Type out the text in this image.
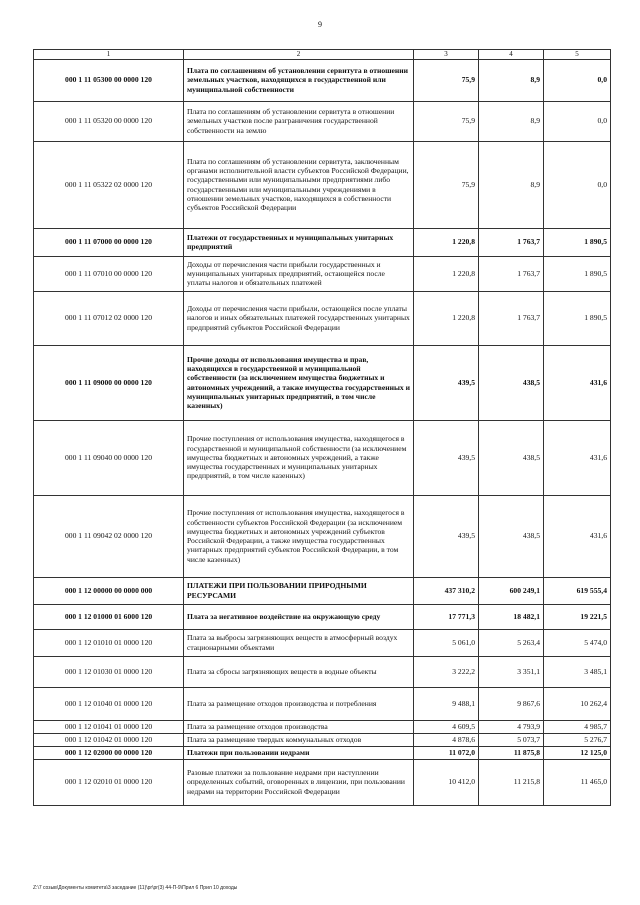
9
1	2	3	4	5
000 1 11 05300 00 0000 120	Плата по соглашениям об установлении сервитута в отношении земельных участков, находящихся в государственной или муниципальной собственности	75,9	8,9	0,0
000 1 11 05320 00 0000 120	Плата по соглашениям об установлении сервитута в отношении земельных участков после разграничения государственной собственности на землю	75,9	8,9	0,0
000 1 11 05322 02 0000 120	Плата по соглашениям об установлении сервитута, заключенным органами исполнительной власти субъектов Российской Федерации, государственными или муниципальными предприятиями либо государственными или муниципальными учреждениями в отношении земельных участков, находящихся в собственности субъектов Российской Федерации	75,9	8,9	0,0
000 1 11 07000 00 0000 120	Платежи от государственных и муниципальных унитарных предприятий	1 220,8	1 763,7	1 890,5
000 1 11 07010 00 0000 120	Доходы от перечисления части прибыли государственных и муниципальных унитарных предприятий, остающейся после уплаты налогов и обязательных платежей	1 220,8	1 763,7	1 890,5
000 1 11 07012 02 0000 120	Доходы от перечисления части прибыли, остающейся после уплаты налогов и иных обязательных платежей государственных унитарных предприятий субъектов Российской Федерации	1 220,8	1 763,7	1 890,5
000 1 11 09000 00 0000 120	Прочие доходы от использования имущества и прав, находящихся в государственной и муниципальной собственности (за исключением имущества бюджетных и автономных учреждений, а также имущества государственных и муниципальных унитарных предприятий, в том числе казенных)	439,5	438,5	431,6
000 1 11 09040 00 0000 120	Прочие поступления от использования имущества, находящегося в государственной и муниципальной собственности (за исключением имущества бюджетных и автономных учреждений, а также имущества государственных и муниципальных унитарных предприятий, в том числе казенных)	439,5	438,5	431,6
000 1 11 09042 02 0000 120	Прочие поступления от использования имущества, находящегося в собственности субъектов Российской Федерации (за исключением имущества бюджетных и автономных учреждений субъектов Российской Федерации, а также имущества государственных унитарных предприятий субъектов Российской Федерации, в том числе казенных)	439,5	438,5	431,6
000 1 12 00000 00 0000 000	ПЛАТЕЖИ ПРИ ПОЛЬЗОВАНИИ ПРИРОДНЫМИ РЕСУРСАМИ	437 310,2	600 249,1	619 555,4
000 1 12 01000 01 6000 120	Плата за негативное воздействие на окружающую среду	17 771,3	18 482,1	19 221,5
000 1 12 01010 01 0000 120	Плата за выбросы загрязняющих веществ в атмосферный воздух стационарными объектами	5 061,0	5 263,4	5 474,0
000 1 12 01030 01 0000 120	Плата за сбросы загрязняющих веществ в водные объекты	3 222,2	3 351,1	3 485,1
000 1 12 01040 01 0000 120	Плата за размещение отходов производства и потребления	9 488,1	9 867,6	10 262,4
000 1 12 01041 01 0000 120	Плата за размещение отходов производства	4 609,5	4 793,9	4 985,7
000 1 12 01042 01 0000 120	Плата за размещение твердых коммунальных отходов	4 878,6	5 073,7	5 276,7
000 1 12 02000 00 0000 120	Платежи при пользовании недрами	11 072,0	11 875,8	12 125,0
000 1 12 02010 01 0000 120	Разовые платежи за пользование недрами при наступлении определенных событий, оговоренных в лицензии, при пользовании недрами на территории Российской Федерации	10 412,0	11 215,8	11 465,0
Z:\7 созыв\Документы комитета\3 заседание (11)\pr\pr(3) 44-П-9\Прил 6 Прил 10 доходы
